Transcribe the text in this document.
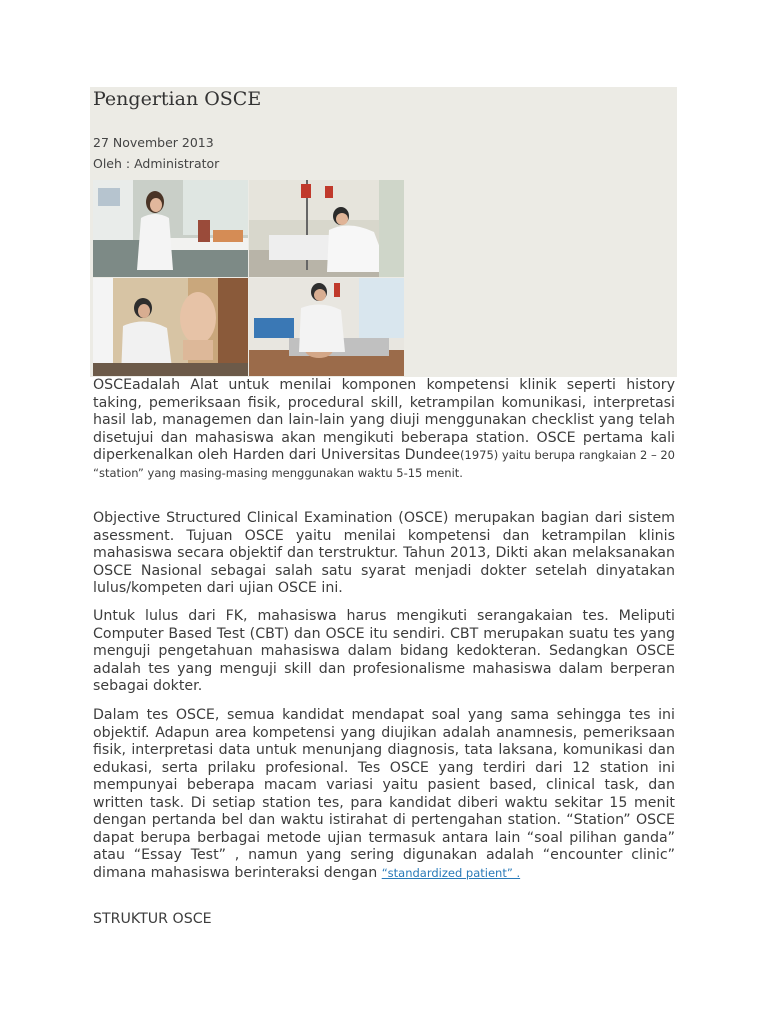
Pengertian OSCE
27 November 2013
Oleh : Administrator

OSCEadalah Alat untuk menilai komponen kompetensi klinik seperti history taking, pemeriksaan fisik, procedural skill, ketrampilan komunikasi, interpretasi hasil lab, managemen dan lain-lain yang diuji menggunakan checklist yang telah disetujui dan mahasiswa akan mengikuti beberapa station. OSCE pertama kali diperkenalkan oleh Harden dari Universitas Dundee(1975) yaitu berupa rangkaian 2 – 20 “station” yang masing-masing menggunakan waktu 5-15 menit.

Objective Structured Clinical Examination (OSCE) merupakan bagian dari sistem asessment. Tujuan OSCE yaitu menilai kompetensi dan ketrampilan klinis mahasiswa secara objektif dan terstruktur. Tahun 2013, Dikti akan melaksanakan OSCE Nasional sebagai salah satu syarat menjadi dokter setelah dinyatakan lulus/kompeten dari ujian OSCE ini.

Untuk lulus dari FK, mahasiswa harus mengikuti serangakaian tes. Meliputi Computer Based Test (CBT) dan OSCE itu sendiri. CBT merupakan suatu tes yang menguji pengetahuan mahasiswa dalam bidang kedokteran. Sedangkan OSCE adalah tes yang menguji skill dan profesionalisme mahasiswa dalam berperan sebagai dokter.

Dalam tes OSCE, semua kandidat mendapat soal yang sama sehingga tes ini objektif. Adapun area kompetensi yang diujikan adalah anamnesis, pemeriksaan fisik, interpretasi data untuk menunjang diagnosis, tata laksana, komunikasi dan edukasi, serta prilaku profesional. Tes OSCE yang terdiri dari 12 station ini mempunyai beberapa macam variasi yaitu pasient based, clinical task, dan written task. Di setiap station tes, para kandidat diberi waktu sekitar 15 menit dengan pertanda bel dan waktu istirahat di pertengahan station. “Station” OSCE dapat berupa berbagai metode ujian termasuk antara lain “soal pilihan ganda” atau “Essay Test” , namun yang sering digunakan adalah “encounter clinic” dimana mahasiswa berinteraksi dengan “standardized patient” .

STRUKTUR OSCE
